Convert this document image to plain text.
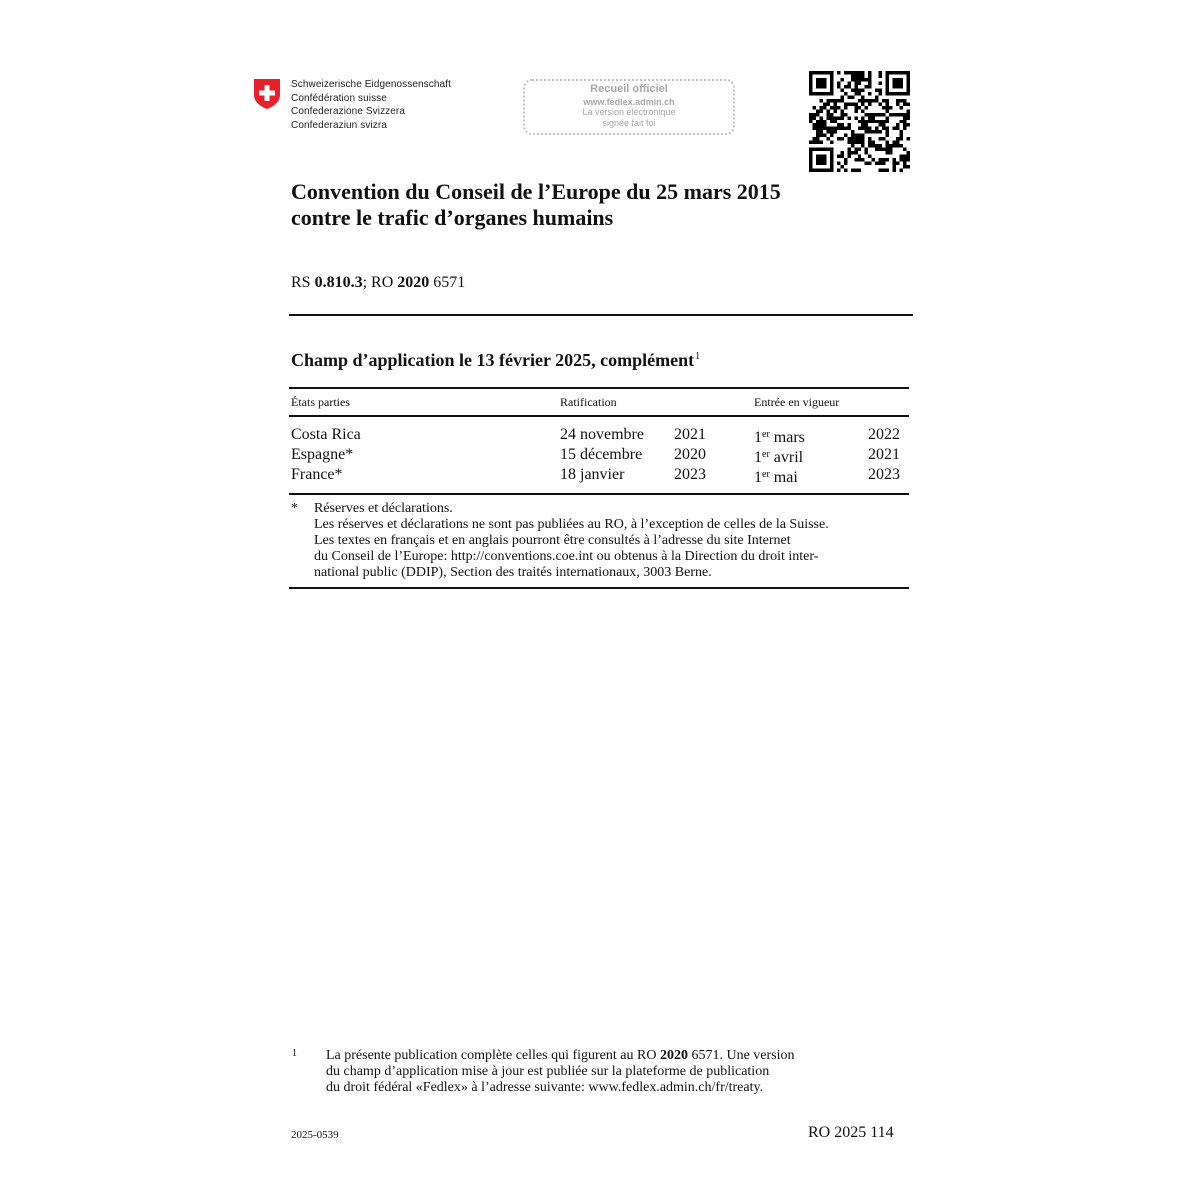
Schweizerische Eidgenossenschaft
Confédération suisse
Confederazione Svizzera
Confederaziun svizra
Recueil officiel
www.fedlex.admin.ch
La version électronique
signée fait foi
Convention du Conseil de l’Europe du 25 mars 2015
contre le trafic d’organes humains
RS 0.810.3; RO 2020 6571
Champ d’application le 13 février 2025, complément$^1$
États parties	Ratification	Entrée en vigueur
Costa Rica	24 novembre 2021	1er mars	2022
Espagne*	15 décembre 2020	1er avril	2021
France*	18 janvier	2023	1er mai	2023
* Réserves et déclarations.
Les réserves et déclarations ne sont pas publiées au RO, à l’exception de celles de la Suisse.
Les textes en français et en anglais pourront être consultés à l’adresse du site Internet
du Conseil de l’Europe: http://conventions.coe.int ou obtenus à la Direction du droit inter-
national public (DDIP), Section des traités internationaux, 3003 Berne.
1 La présente publication complète celles qui figurent au RO 2020 6571. Une version
du champ d’application mise à jour est publiée sur la plateforme de publication
du droit fédéral «Fedlex» à l’adresse suivante: www.fedlex.admin.ch/fr/treaty.
2025-0539	RO 2025 114
